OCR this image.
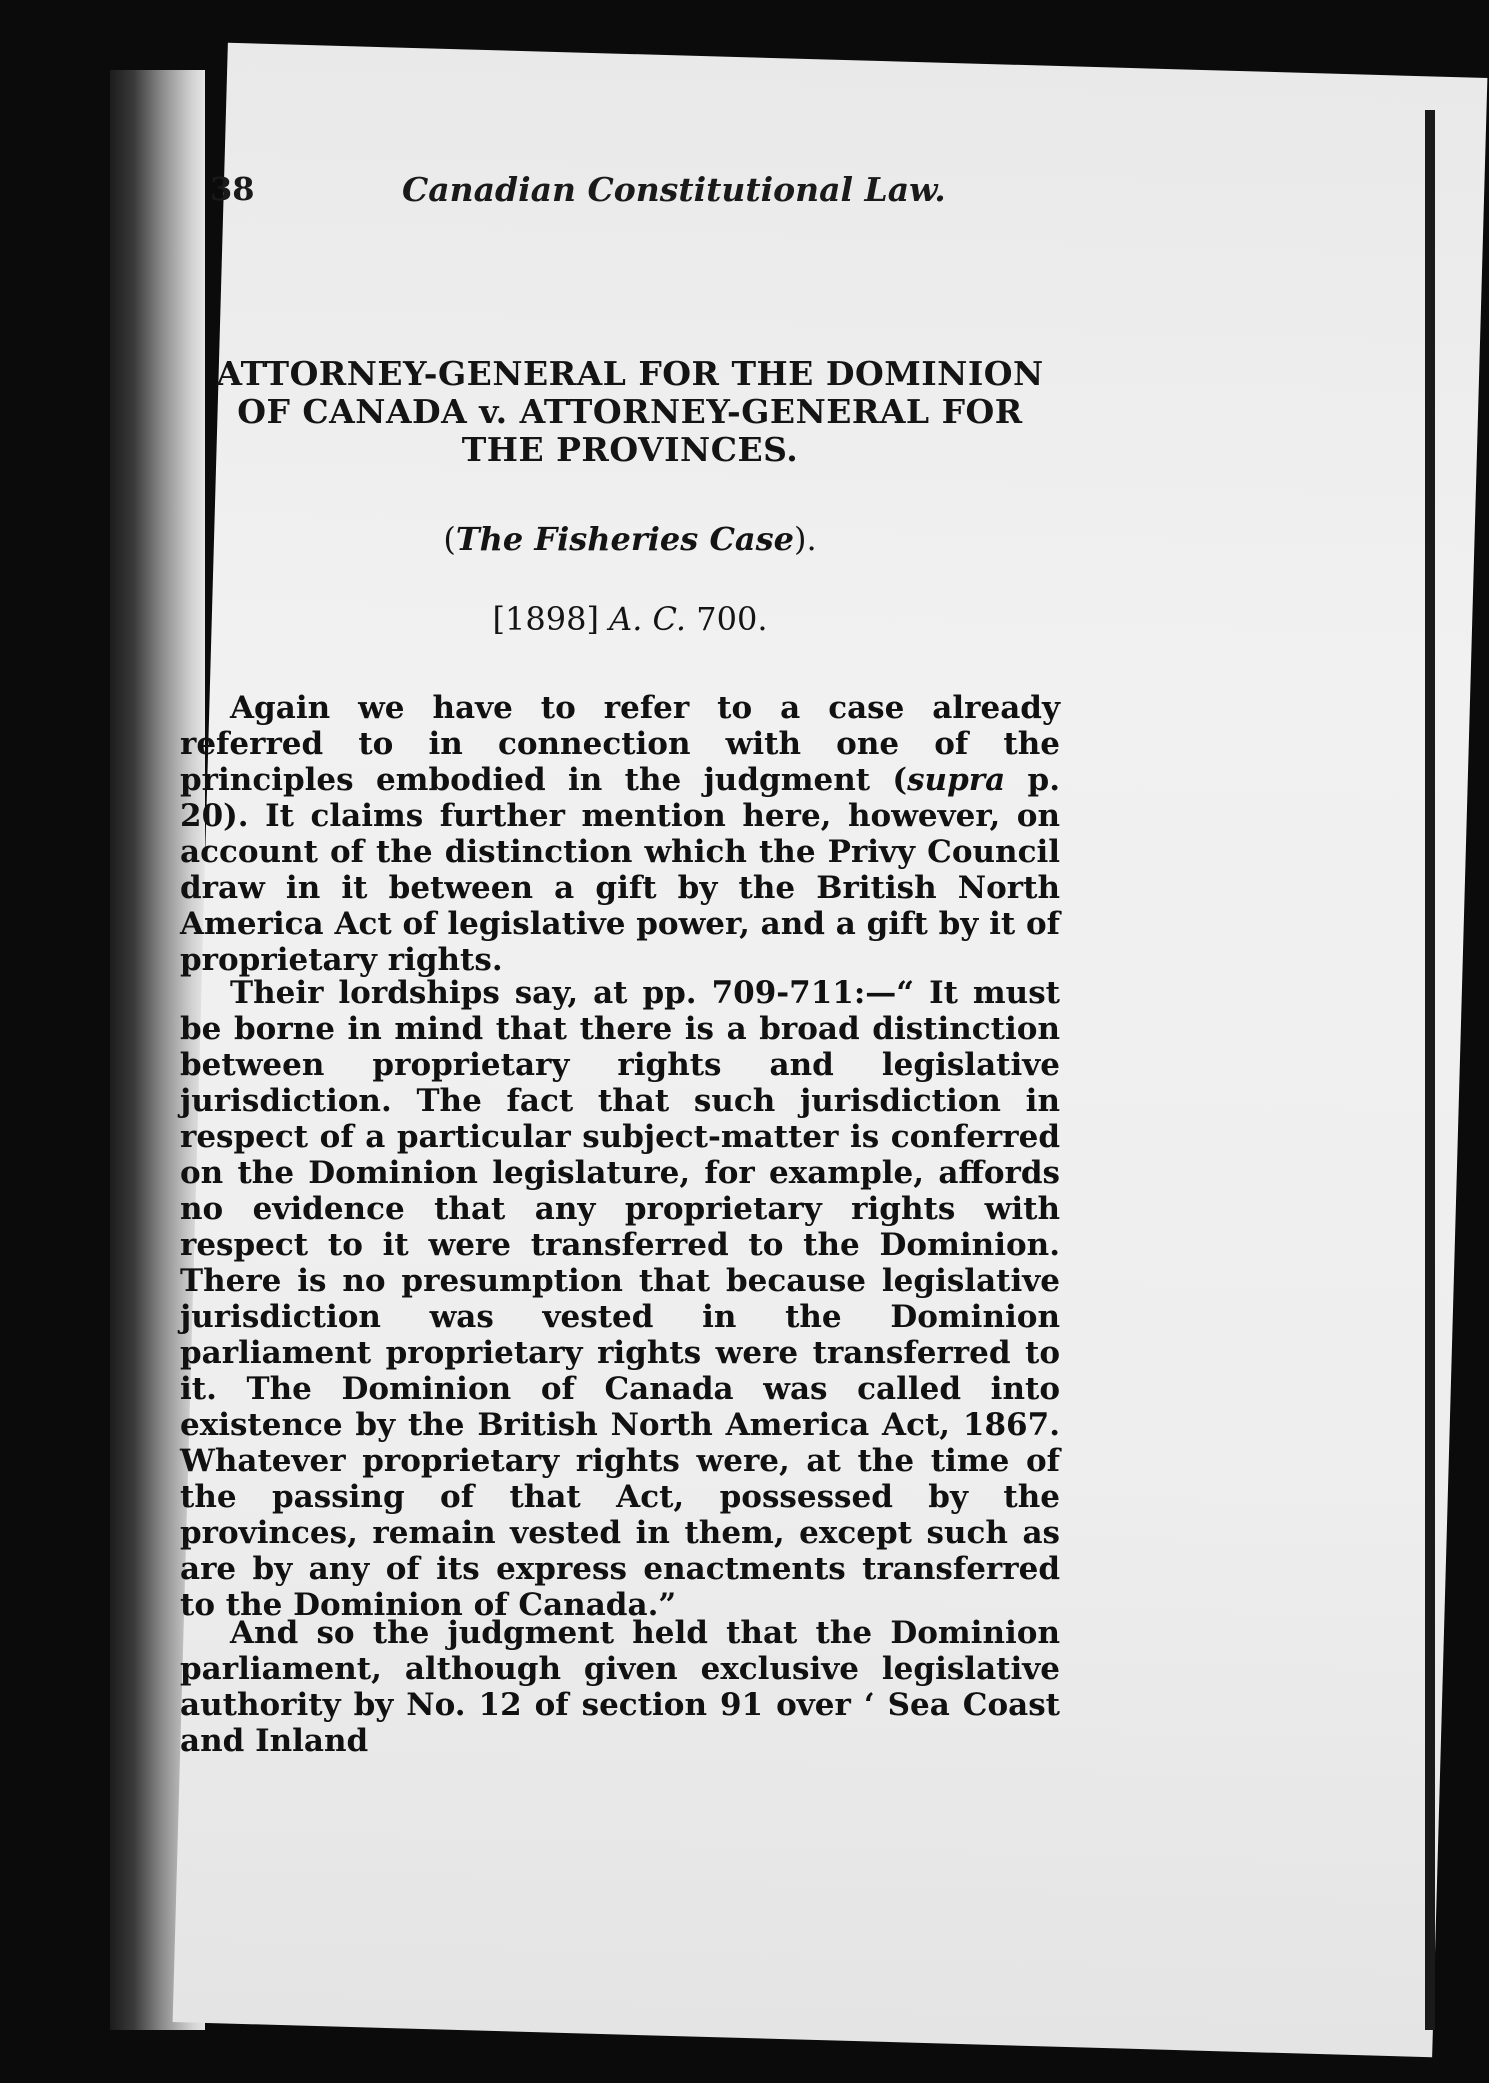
38	Canadian Constitutional Law.
ATTORNEY-GENERAL FOR THE DOMINION OF CANADA v. ATTORNEY-GENERAL FOR THE PROVINCES.
(The Fisheries Case).
[1898] A. C. 700.

Again we have to refer to a case already referred to in connection with one of the principles embodied in the judgment (supra p. 20). It claims further mention here, however, on account of the distinction which the Privy Council draw in it between a gift by the British North America Act of legislative power, and a gift by it of proprietary rights.

Their lordships say, at pp. 709-711:—“ It must be borne in mind that there is a broad distinction between proprietary rights and legislative jurisdiction. The fact that such jurisdiction in respect of a particular subject-matter is conferred on the Dominion legislature, for example, affords no evidence that any proprietary rights with respect to it were transferred to the Dominion. There is no presumption that because legislative jurisdiction was vested in the Dominion parliament proprietary rights were transferred to it. The Dominion of Canada was called into existence by the British North America Act, 1867. Whatever proprietary rights were, at the time of the passing of that Act, possessed by the provinces, remain vested in them, except such as are by any of its express enactments transferred to the Dominion of Canada.”

And so the judgment held that the Dominion parliament, although given exclusive legislative authority by No. 12 of section 91 over ‘ Sea Coast and Inland
